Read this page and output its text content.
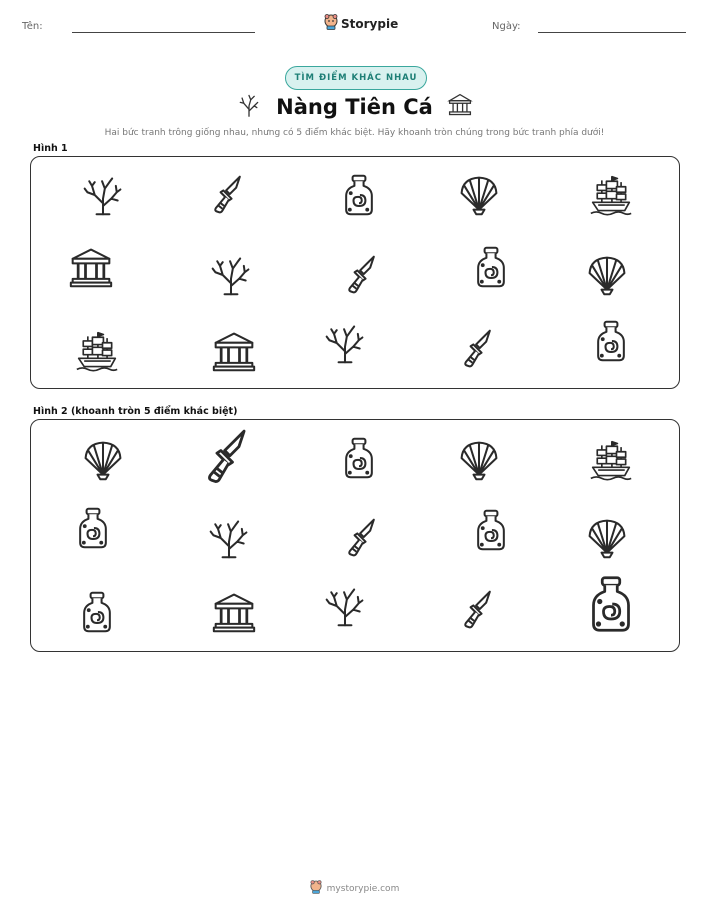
Tên:	Storypie	Ngày:
TÌM ĐIỂM KHÁC NHAU
Nàng Tiên Cá
Hai bức tranh trông giống nhau, nhưng có 5 điểm khác biệt. Hãy khoanh tròn chúng trong bức tranh phía dưới!
Hình 1
Hình 2 (khoanh tròn 5 điểm khác biệt)
mystorypie.com
